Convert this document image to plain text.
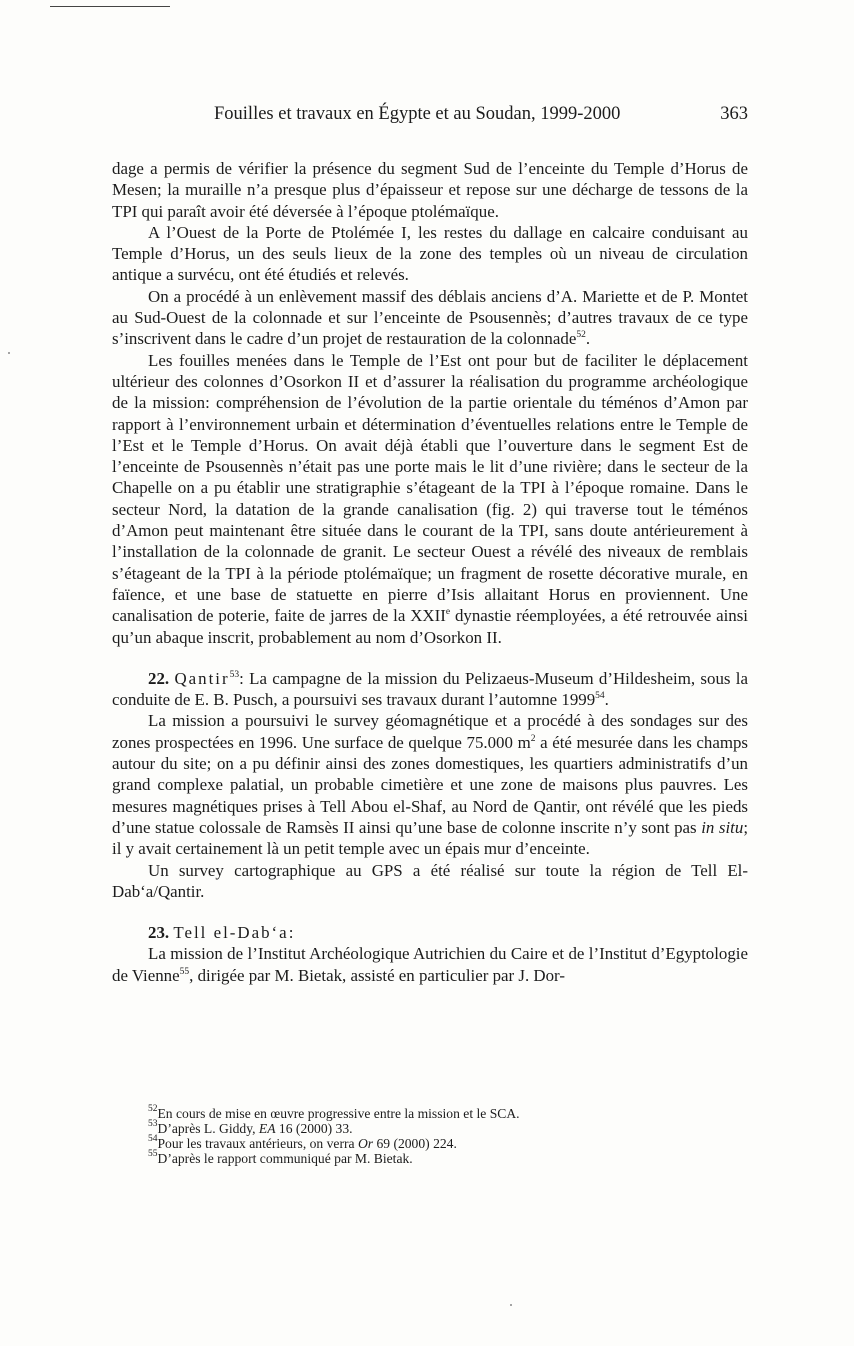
Fouilles et travaux en Égypte et au Soudan, 1999-2000	363

dage a permis de vérifier la présence du segment Sud de l’enceinte du Temple d’Horus de Mesen; la muraille n’a presque plus d’épaisseur et repose sur une décharge de tessons de la TPI qui paraît avoir été déversée à l’époque ptolémaïque.

A l’Ouest de la Porte de Ptolémée I, les restes du dallage en calcaire conduisant au Temple d’Horus, un des seuls lieux de la zone des temples où un niveau de circulation antique a survécu, ont été étudiés et relevés.

On a procédé à un enlèvement massif des déblais anciens d’A. Mariette et de P. Montet au Sud-Ouest de la colonnade et sur l’enceinte de Psousennès; d’autres travaux de ce type s’inscrivent dans le cadre d’un projet de restauration de la colonnade$^{52}$.

Les fouilles menées dans le Temple de l’Est ont pour but de faciliter le déplacement ultérieur des colonnes d’Osorkon II et d’assurer la réalisation du programme archéologique de la mission: compréhension de l’évolution de la partie orientale du téménos d’Amon par rapport à l’environnement urbain et détermination d’éventuelles relations entre le Temple de l’Est et le Temple d’Horus. On avait déjà établi que l’ouverture dans le segment Est de l’enceinte de Psousennès n’était pas une porte mais le lit d’une rivière; dans le secteur de la Chapelle on a pu établir une stratigraphie s’étageant de la TPI à l’époque romaine. Dans le secteur Nord, la datation de la grande canalisation (fig. 2) qui traverse tout le téménos d’Amon peut maintenant être située dans le courant de la TPI, sans doute antérieurement à l’installation de la colonnade de granit. Le secteur Ouest a révélé des niveaux de remblais s’étageant de la TPI à la période ptolémaïque; un fragment de rosette décorative murale, en faïence, et une base de statuette en pierre d’Isis allaitant Horus en proviennent. Une canalisation de poterie, faite de jarres de la XXIIe dynastie réemployées, a été retrouvée ainsi qu’un abaque inscrit, probablement au nom d’Osorkon II.

22. Qantir$^{53}$: La campagne de la mission du Pelizaeus-Museum d’Hildesheim, sous la conduite de E. B. Pusch, a poursuivi ses travaux durant l’automne 1999$^{54}$.

La mission a poursuivi le survey géomagnétique et a procédé à des sondages sur des zones prospectées en 1996. Une surface de quelque 75.000 $m^2$ a été mesurée dans les champs autour du site; on a pu définir ainsi des zones domestiques, les quartiers administratifs d’un grand complexe palatial, un probable cimetière et une zone de maisons plus pauvres. Les mesures magnétiques prises à Tell Abou el-Shaf, au Nord de Qantir, ont révélé que les pieds d’une statue colossale de Ramsès II ainsi qu’une base de colonne inscrite n’y sont pas in situ; il y avait certainement là un petit temple avec un épais mur d’enceinte.

Un survey cartographique au GPS a été réalisé sur toute la région de Tell El-Dab‘a/Qantir.

23. Tell el-Dab‘a:

La mission de l’Institut Archéologique Autrichien du Caire et de l’Institut d’Egyptologie de Vienne$^{55}$, dirigée par M. Bietak, assisté en particulier par J. Dor-

$^{52}$En cours de mise en œuvre progressive entre la mission et le SCA.
$^{53}$D’après L. Giddy, EA 16 (2000) 33.
$^{54}$Pour les travaux antérieurs, on verra Or 69 (2000) 224.
$^{55}$D’après le rapport communiqué par M. Bietak.
